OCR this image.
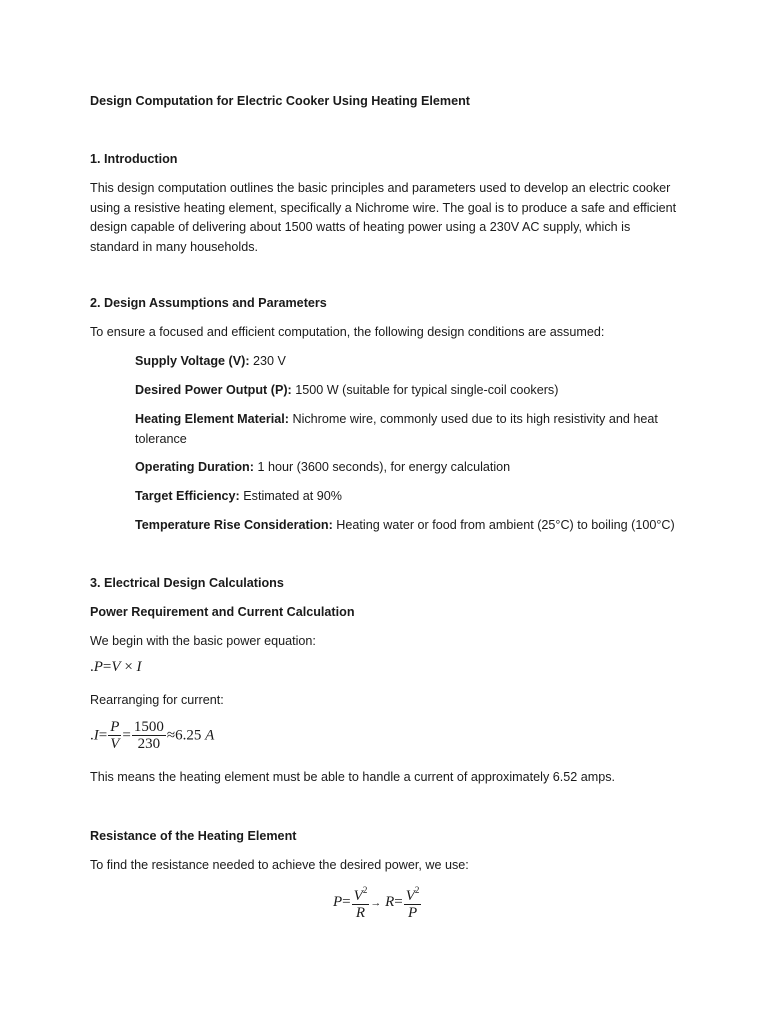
Design Computation for Electric Cooker Using Heating Element

1. Introduction

This design computation outlines the basic principles and parameters used to develop an electric cooker
using a resistive heating element, specifically a Nichrome wire. The goal is to produce a safe and efficient
design capable of delivering about 1500 watts of heating power using a 230V AC supply, which is
standard in many households.

2. Design Assumptions and Parameters

To ensure a focused and efficient computation, the following design conditions are assumed:

Supply Voltage (V): 230 V

Desired Power Output (P): 1500 W (suitable for typical single-coil cookers)

Heating Element Material: Nichrome wire, commonly used due to its high resistivity and heat
tolerance

Operating Duration: 1 hour (3600 seconds), for energy calculation

Target Efficiency: Estimated at 90%

Temperature Rise Consideration: Heating water or food from ambient (25°C) to boiling (100°C)

3. Electrical Design Calculations

Power Requirement and Current Calculation

We begin with the basic power equation:

.P=V × I

Rearranging for current:

$.I= \frac{P}{V} = \frac{1500}{230} \approx 6.25$ A

This means the heating element must be able to handle a current of approximately 6.52 amps.

Resistance of the Heating Element

To find the resistance needed to achieve the desired power, we use:

$P= \frac{V^2}{R} \to R= \frac{V^2}{P}$
